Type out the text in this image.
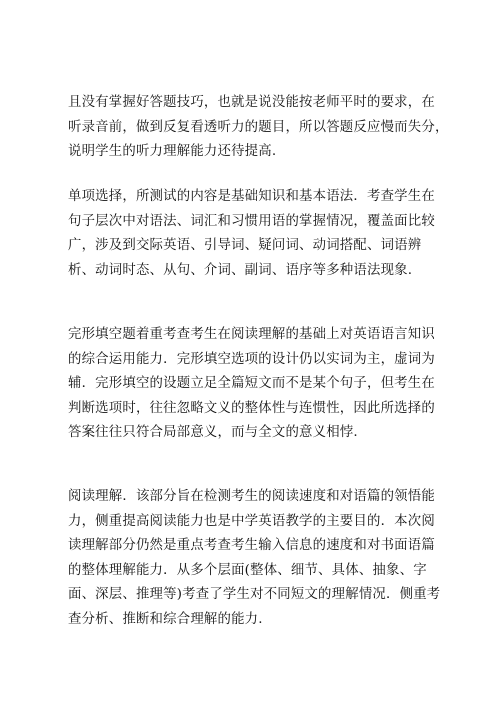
且没有掌握好答题技巧，也就是说没能按老师平时的要求，在
听录音前，做到反复看透听力的题目，所以答题反应慢而失分，
说明学生的听力理解能力还待提高.
单项选择，所测试的内容是基础知识和基本语法．考查学生在
句子层次中对语法、词汇和习惯用语的掌握情况，覆盖面比较
广，涉及到交际英语、引导词、疑问词、动词搭配、词语辨
析、动词时态、从句、介词、副词、语序等多种语法现象.
完形填空题着重考查考生在阅读理解的基础上对英语语言知识
的综合运用能力．完形填空选项的设计仍以实词为主，虚词为
辅．完形填空的设题立足全篇短文而不是某个句子，但考生在
判断选项时，往往忽略文义的整体性与连惯性，因此所选择的
答案往往只符合局部意义，而与全文的意义相悖.
阅读理解．该部分旨在检测考生的阅读速度和对语篇的领悟能
力，侧重提高阅读能力也是中学英语教学的主要目的．本次阅
读理解部分仍然是重点考查考生输入信息的速度和对书面语篇
的整体理解能力．从多个层面(整体、细节、具体、抽象、字
面、深层、推理等)考查了学生对不同短文的理解情况．侧重考
查分析、推断和综合理解的能力.
